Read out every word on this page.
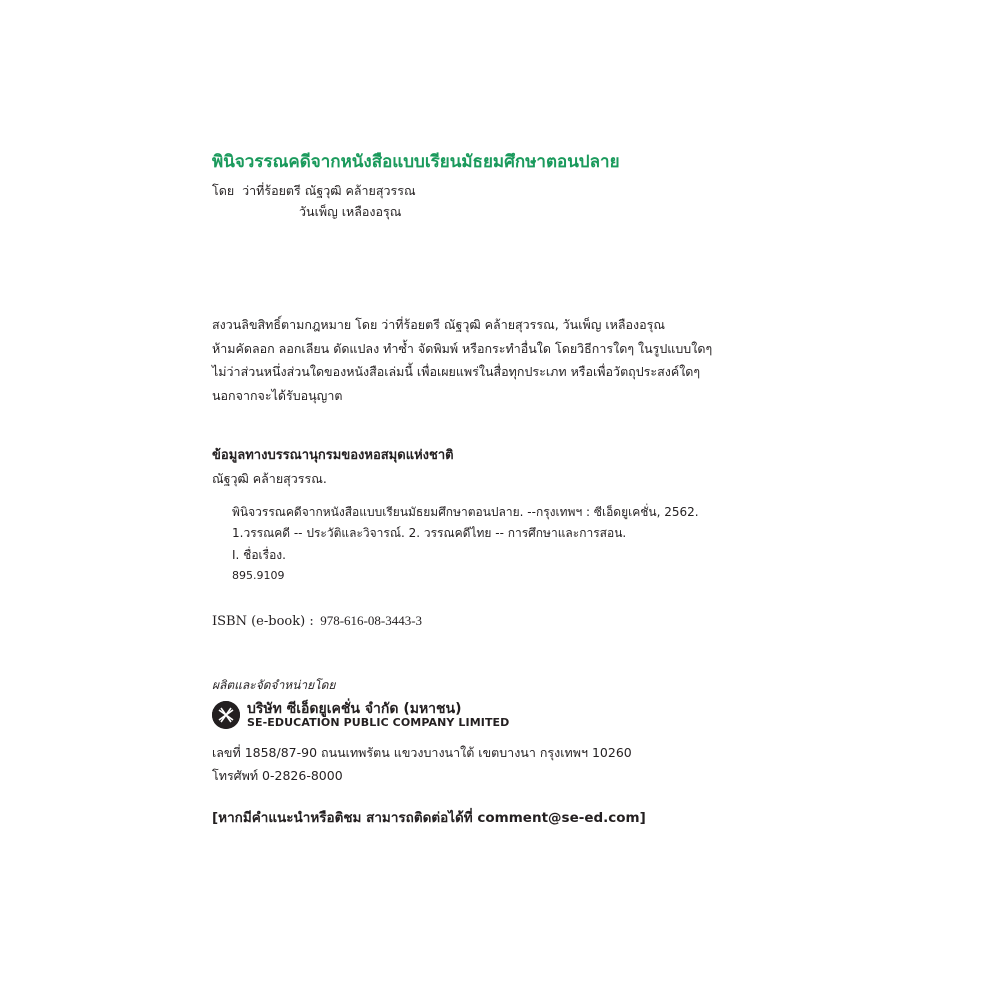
พินิจวรรณคดีจากหนังสือแบบเรียนมัธยมศึกษาตอนปลาย
โดย ว่าที่ร้อยตรี ณัฐวุฒิ คล้ายสุวรรณ
วันเพ็ญ เหลืองอรุณ

สงวนลิขสิทธิ์ตามกฎหมาย โดย ว่าที่ร้อยตรี ณัฐวุฒิ คล้ายสุวรรณ, วันเพ็ญ เหลืองอรุณ

ห้ามคัดลอก ลอกเลียน ดัดแปลง ทำซ้ำ จัดพิมพ์ หรือกระทำอื่นใด โดยวิธีการใดๆ ในรูปแบบใดๆ

ไม่ว่าส่วนหนึ่งส่วนใดของหนังสือเล่มนี้ เพื่อเผยแพร่ในสื่อทุกประเภท หรือเพื่อวัตถุประสงค์ใดๆ

นอกจากจะได้รับอนุญาต

ข้อมูลทางบรรณานุกรมของหอสมุดแห่งชาติ
ณัฐวุฒิ คล้ายสุวรรณ.
พินิจวรรณคดีจากหนังสือแบบเรียนมัธยมศึกษาตอนปลาย. --กรุงเทพฯ : ซีเอ็ดยูเคชั่น, 2562.
1.วรรณคดี -- ประวัติและวิจารณ์. 2. วรรณคดีไทย -- การศึกษาและการสอน.
I. ชื่อเรื่อง.
895.9109
ISBN (e-book) : 978-616-08-3443-3
ผลิตและจัดจำหน่ายโดย
บริษัท ซีเอ็ดยูเคชั่น จำกัด (มหาชน)
SE-EDUCATION PUBLIC COMPANY LIMITED
เลขที่ 1858/87-90 ถนนเทพรัตน แขวงบางนาใต้ เขตบางนา กรุงเทพฯ 10260
โทรศัพท์ 0-2826-8000
[หากมีคำแนะนำหรือติชม สามารถติดต่อได้ที่ comment@se-ed.com]
